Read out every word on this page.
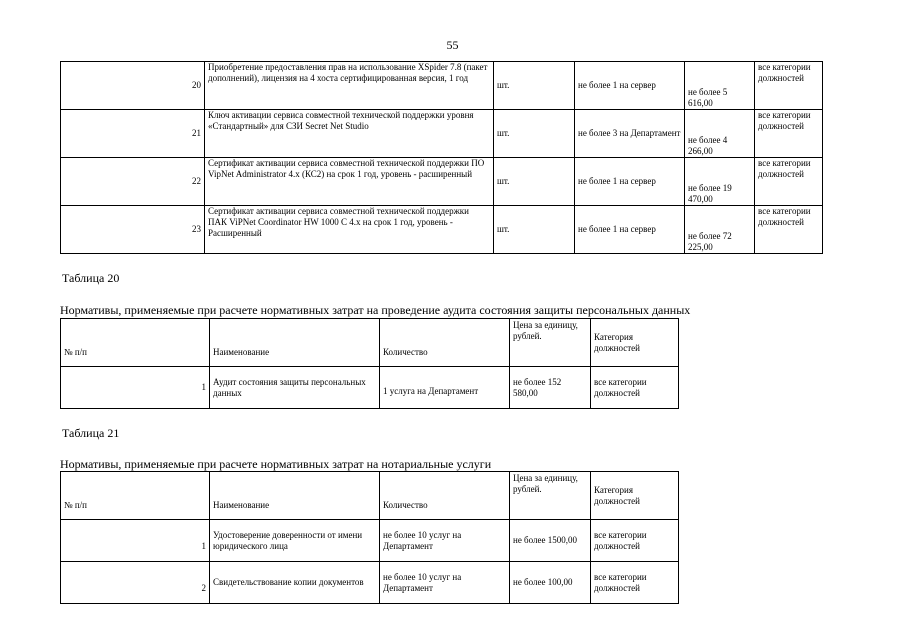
55
20	Приобретение предоставления прав на использование XSpider 7.8 (пакет дополнений), лицензия на 4 хоста сертифицированная версия, 1 год	шт.	не более 1 на сервер	не более 5 616,00	все категории должностей
21	Ключ активации сервиса совместной технической поддержки уровня «Стандартный» для СЗИ Secret Net Studio	шт.	не более 3 на Департамент	не более 4 266,00	все категории должностей
22	Сертификат активации сервиса совместной технической поддержки ПО VipNet Administrator 4.x (КС2) на срок 1 год, уровень - расширенный	шт.	не более 1 на сервер	не более 19 470,00	все категории должностей
23	Сертификат активации сервиса совместной технической поддержки ПАК ViPNet Coordinator HW 1000 C 4.x на срок 1 год, уровень - Расширенный	шт.	не более 1 на сервер	не более 72 225,00	все категории должностей
Таблица 20
Нормативы, применяемые при расчете нормативных затрат на проведение аудита состояния защиты персональных данных
№ п/п	Наименование	Количество	Цена за единицу, рублей.	Категория должностей
1	Аудит состояния защиты персональных данных	1 услуга на Департамент	не более 152 580,00	все категории должностей
Таблица 21
Нормативы, применяемые при расчете нормативных затрат на нотариальные услуги
№ п/п	Наименование	Количество	Цена за единицу, рублей.	Категория должностей
1	Удостоверение доверенности от имени юридического лица	не более 10 услуг на Департамент	не более 1500,00	все категории должностей
2	Свидетельствование копии документов	не более 10 услуг на Департамент	не более 100,00	все категории должностей
